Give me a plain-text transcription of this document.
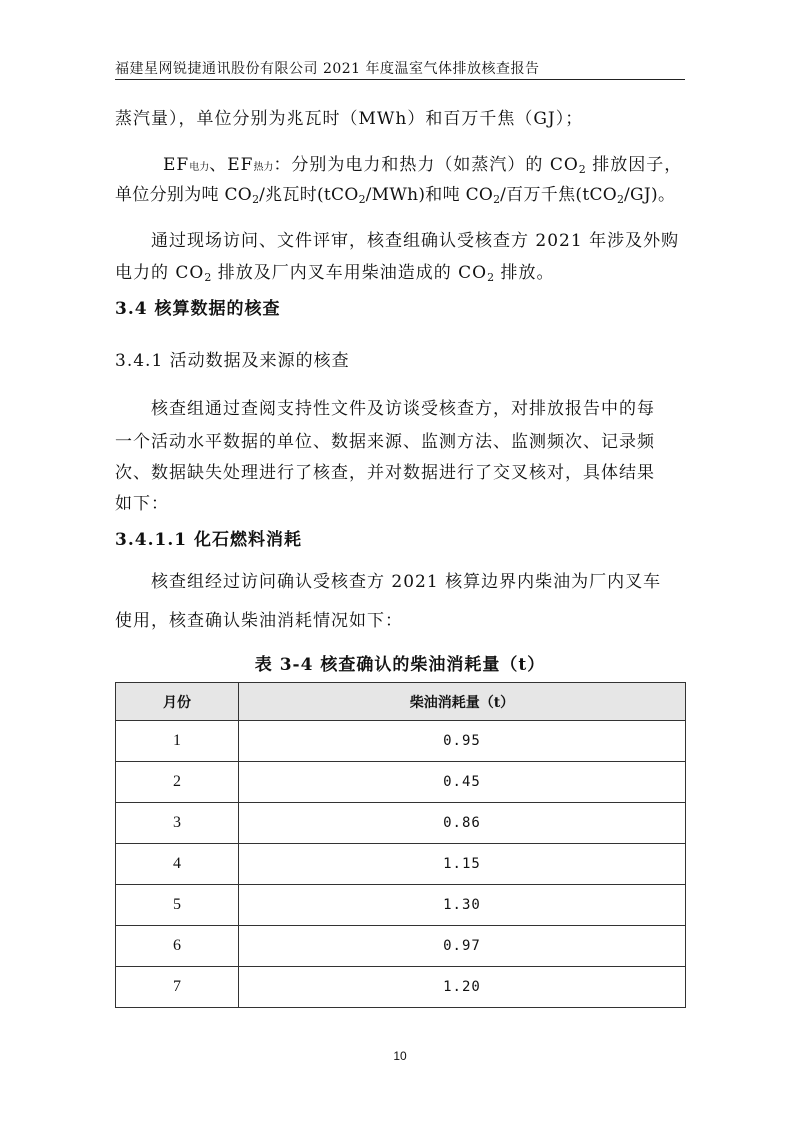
福建星网锐捷通讯股份有限公司 2021 年度温室气体排放核查报告
蒸汽量），单位分别为兆瓦时（MWh）和百万千焦（GJ）；
EF电力、EF热力：分别为电力和热力（如蒸汽）的 $CO_2$ 排放因子，
单位分别为吨 $CO_2/$兆瓦时(tCO$_2$/MWh)和吨 $CO_2/$百万千焦(tCO$_2$/GJ)。
通过现场访问、文件评审，核查组确认受核查方 2021 年涉及外购
电力的 $CO_2$ 排放及厂内叉车用柴油造成的 $CO_2$ 排放。
3.4 核算数据的核查
3.4.1 活动数据及来源的核查
核查组通过查阅支持性文件及访谈受核查方，对排放报告中的每
一个活动水平数据的单位、数据来源、监测方法、监测频次、记录频
次、数据缺失处理进行了核查，并对数据进行了交叉核对，具体结果
如下：
3.4.1.1 化石燃料消耗
核查组经过访问确认受核查方 2021 核算边界内柴油为厂内叉车
使用，核查确认柴油消耗情况如下：
表 3-4 核查确认的柴油消耗量（t）
月份	柴油消耗量（t）
1	0.95
2	0.45
3	0.86
4	1.15
5	1.30
6	0.97
7	1.20
10
